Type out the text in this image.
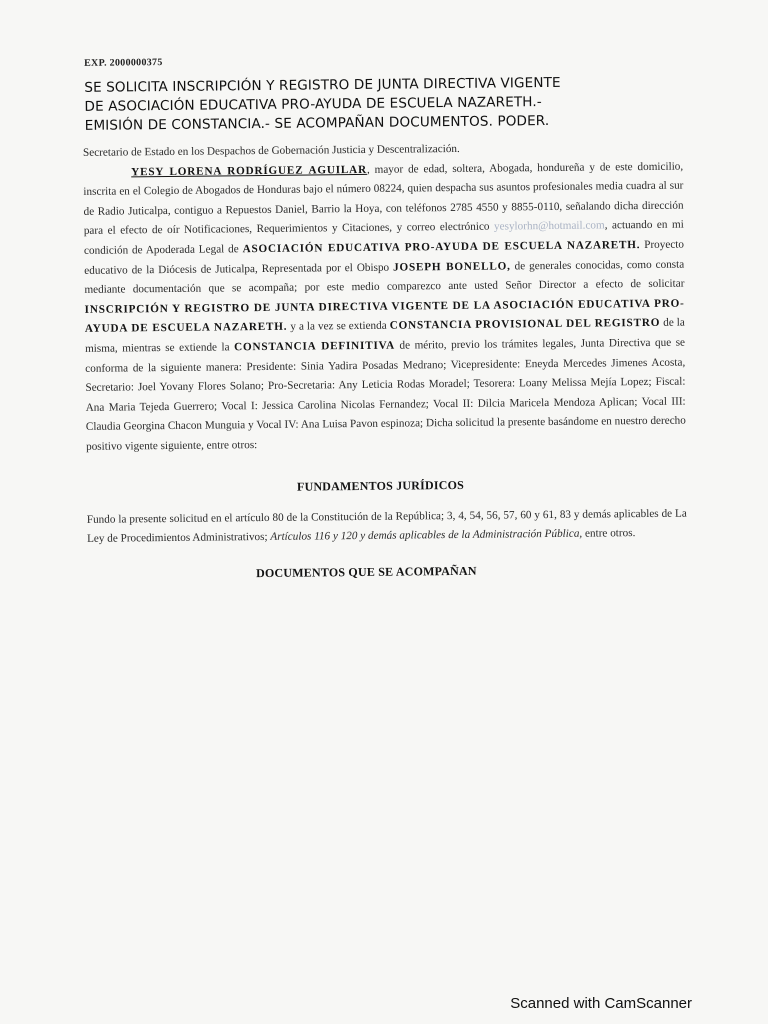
EXP. 2000000375
SE SOLICITA INSCRIPCIÓN Y REGISTRO DE JUNTA DIRECTIVA VIGENTE
DE ASOCIACIÓN EDUCATIVA PRO-AYUDA DE ESCUELA NAZARETH.-
EMISIÓN DE CONSTANCIA.- SE ACOMPAÑAN DOCUMENTOS. PODER.

Secretario de Estado en los Despachos de Gobernación Justicia y Descentralización.

YESY LORENA RODRÍGUEZ AGUILAR, mayor de edad, soltera, Abogada, hondureña y de este domicilio, inscrita en el Colegio de Abogados de Honduras bajo el número 08224, quien despacha sus asuntos profesionales media cuadra al sur de Radio Juticalpa, contiguo a Repuestos Daniel, Barrio la Hoya, con teléfonos 2785 4550 y 8855-0110, señalando dicha dirección para el efecto de oír Notificaciones, Requerimientos y Citaciones, y correo electrónico yesylorhn@hotmail.com, actuando en mi condición de Apoderada Legal de ASOCIACIÓN EDUCATIVA PRO-AYUDA DE ESCUELA NAZARETH. Proyecto educativo de la Diócesis de Juticalpa, Representada por el Obispo JOSEPH BONELLO, de generales conocidas, como consta mediante documentación que se acompaña; por este medio comparezco ante usted Señor Director a efecto de solicitar INSCRIPCIÓN Y REGISTRO DE JUNTA DIRECTIVA VIGENTE DE LA ASOCIACIÓN EDUCATIVA PRO-AYUDA DE ESCUELA NAZARETH. y a la vez se extienda CONSTANCIA PROVISIONAL DEL REGISTRO de la misma, mientras se extiende la CONSTANCIA DEFINITIVA de mérito, previo los trámites legales, Junta Directiva que se conforma de la siguiente manera: Presidente: Sinia Yadira Posadas Medrano; Vicepresidente: Eneyda Mercedes Jimenes Acosta, Secretario: Joel Yovany Flores Solano; Pro-Secretaria: Any Leticia Rodas Moradel; Tesorera: Loany Melissa Mejía Lopez; Fiscal: Ana Maria Tejeda Guerrero; Vocal I: Jessica Carolina Nicolas Fernandez; Vocal II: Dilcia Maricela Mendoza Aplican; Vocal III: Claudia Georgina Chacon Munguia y Vocal IV: Ana Luisa Pavon espinoza; Dicha solicitud la presente basándome en nuestro derecho positivo vigente siguiente, entre otros:

FUNDAMENTOS JURÍDICOS

Fundo la presente solicitud en el artículo 80 de la Constitución de la República; 3, 4, 54, 56, 57, 60 y 61, 83 y demás aplicables de La Ley de Procedimientos Administrativos; Artículos 116 y 120 y demás aplicables de la Administración Pública, entre otros.

DOCUMENTOS QUE SE ACOMPAÑAN
Scanned with CamScanner
